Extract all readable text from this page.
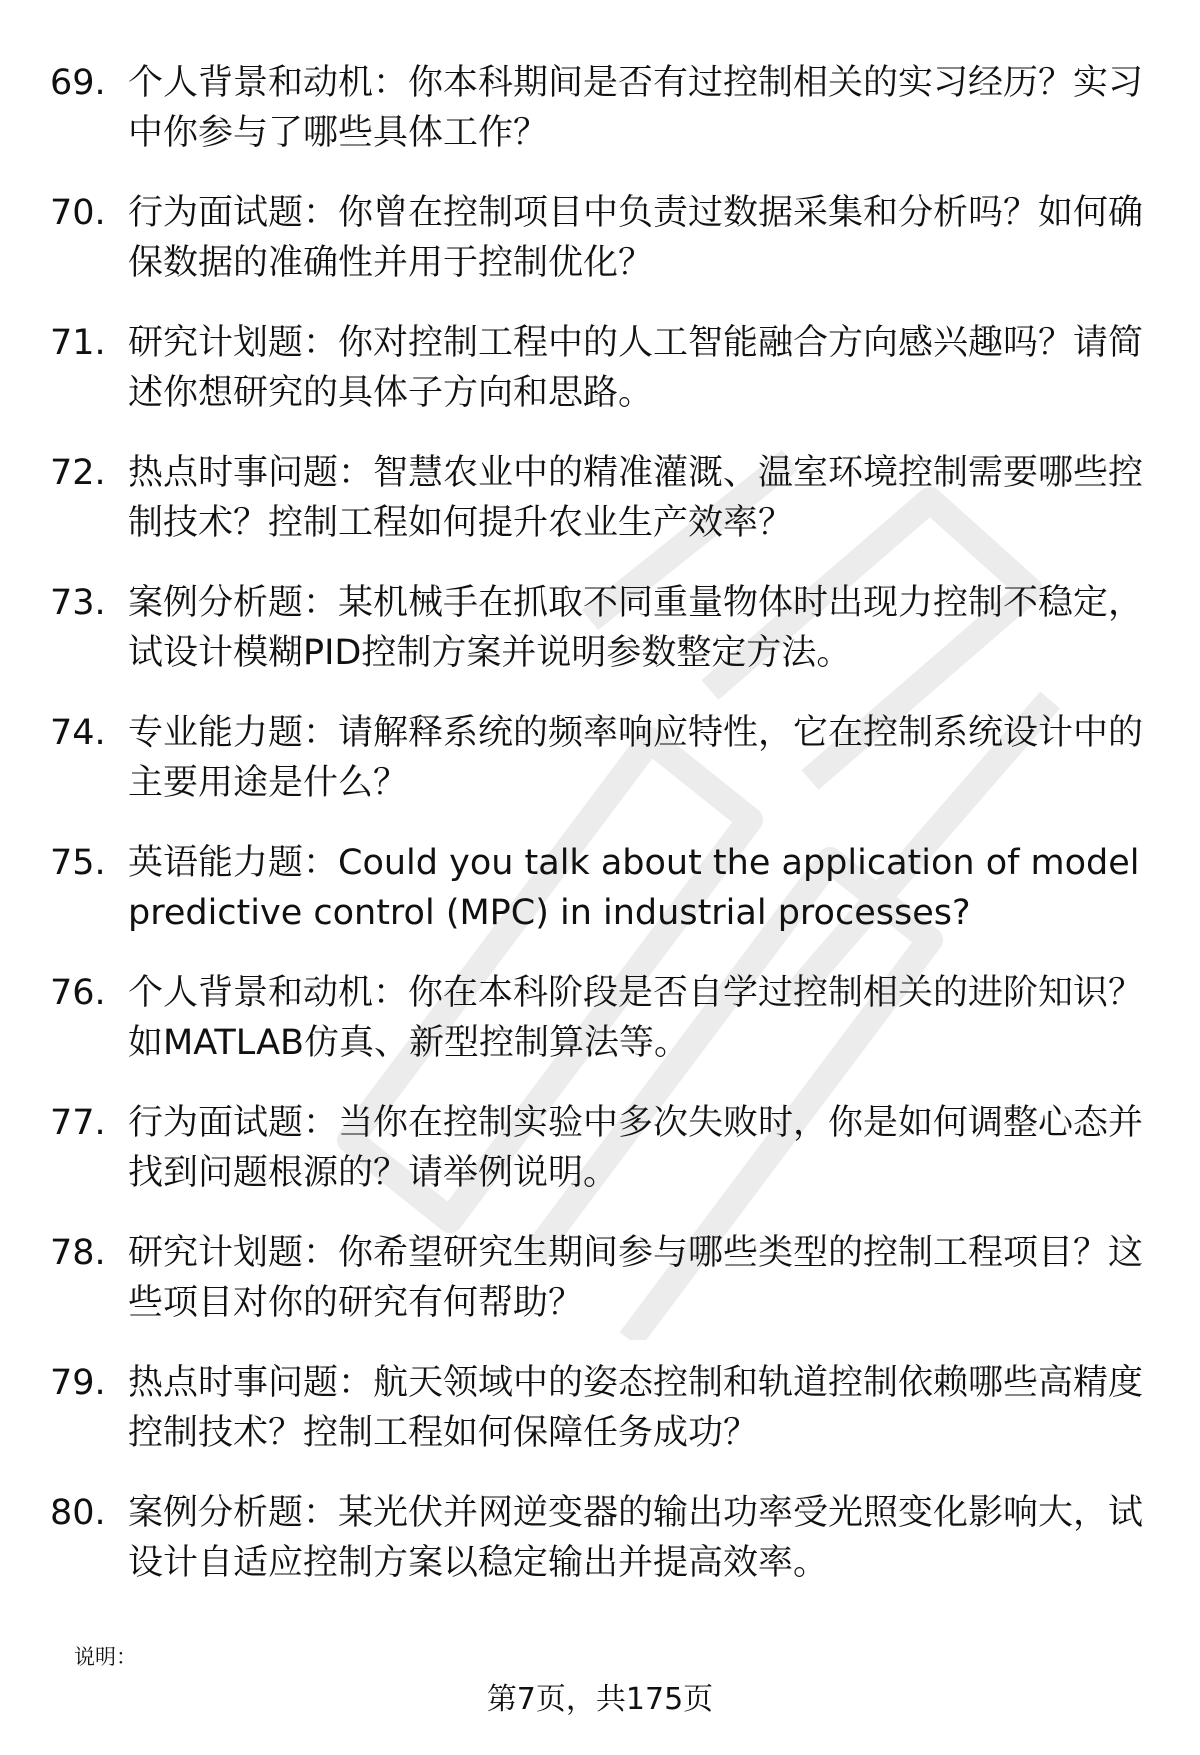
69. 个人背景和动机：你本科期间是否有过控制相关的实习经历？实习中你参与了哪些具体工作？
70. 行为面试题：你曾在控制项目中负责过数据采集和分析吗？如何确保数据的准确性并用于控制优化？
71. 研究计划题：你对控制工程中的人工智能融合方向感兴趣吗？请简述你想研究的具体子方向和思路。
72. 热点时事问题：智慧农业中的精准灌溉、温室环境控制需要哪些控制技术？控制工程如何提升农业生产效率？
73. 案例分析题：某机械手在抓取不同重量物体时出现力控制不稳定，试设计模糊PID控制方案并说明参数整定方法。
74. 专业能力题：请解释系统的频率响应特性，它在控制系统设计中的主要用途是什么？
75. 英语能力题：Could you talk about the application of model predictive control (MPC) in industrial processes?
76. 个人背景和动机：你在本科阶段是否自学过控制相关的进阶知识？如MATLAB仿真、新型控制算法等。
77. 行为面试题：当你在控制实验中多次失败时，你是如何调整心态并找到问题根源的？请举例说明。
78. 研究计划题：你希望研究生期间参与哪些类型的控制工程项目？这些项目对你的研究有何帮助？
79. 热点时事问题：航天领域中的姿态控制和轨道控制依赖哪些高精度控制技术？控制工程如何保障任务成功？
80. 案例分析题：某光伏并网逆变器的输出功率受光照变化影响大，试设计自适应控制方案以稳定输出并提高效率。
说明：
第7页，共175页
